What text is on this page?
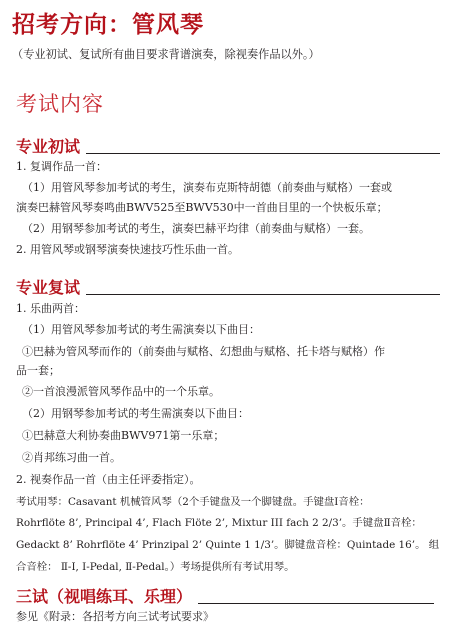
招考方向：管风琴
（专业初试、复试所有曲目要求背谱演奏，除视奏作品以外。）
考试内容
专业初试
1. 复调作品一首：
（1）用管风琴参加考试的考生，演奏布克斯特胡德（前奏曲与赋格）一套或
演奏巴赫管风琴奏鸣曲BWV525至BWV530中一首曲目里的一个快板乐章；
（2）用钢琴参加考试的考生，演奏巴赫平均律（前奏曲与赋格）一套。
2. 用管风琴或钢琴演奏快速技巧性乐曲一首。
专业复试
1. 乐曲两首：
（1）用管风琴参加考试的考生需演奏以下曲目：
①巴赫为管风琴而作的（前奏曲与赋格、幻想曲与赋格、托卡塔与赋格）作
品一套；
②一首浪漫派管风琴作品中的一个乐章。
（2）用钢琴参加考试的考生需演奏以下曲目：
①巴赫意大利协奏曲BWV971第一乐章；
②肖邦练习曲一首。
2. 视奏作品一首（由主任评委指定）。
考试用琴：Casavant 机械管风琴（2个手键盘及一个脚键盘。手键盘Ⅰ音栓：
Rohrflöte 8’, Principal 4’, Flach Flöte 2’, Mixtur III fach 2 2/3’。手键盘Ⅱ音栓：
Gedackt 8’ Rohrflöte 4’ Prinzipal 2’ Quinte 1 1/3’。脚键盘音栓：Quintade 16’。 组
合音栓： Ⅱ-Ⅰ, Ⅰ-Pedal, Ⅱ-Pedal。）考场提供所有考试用琴。
三试（视唱练耳、乐理）
参见《附录：各招考方向三试考试要求》
